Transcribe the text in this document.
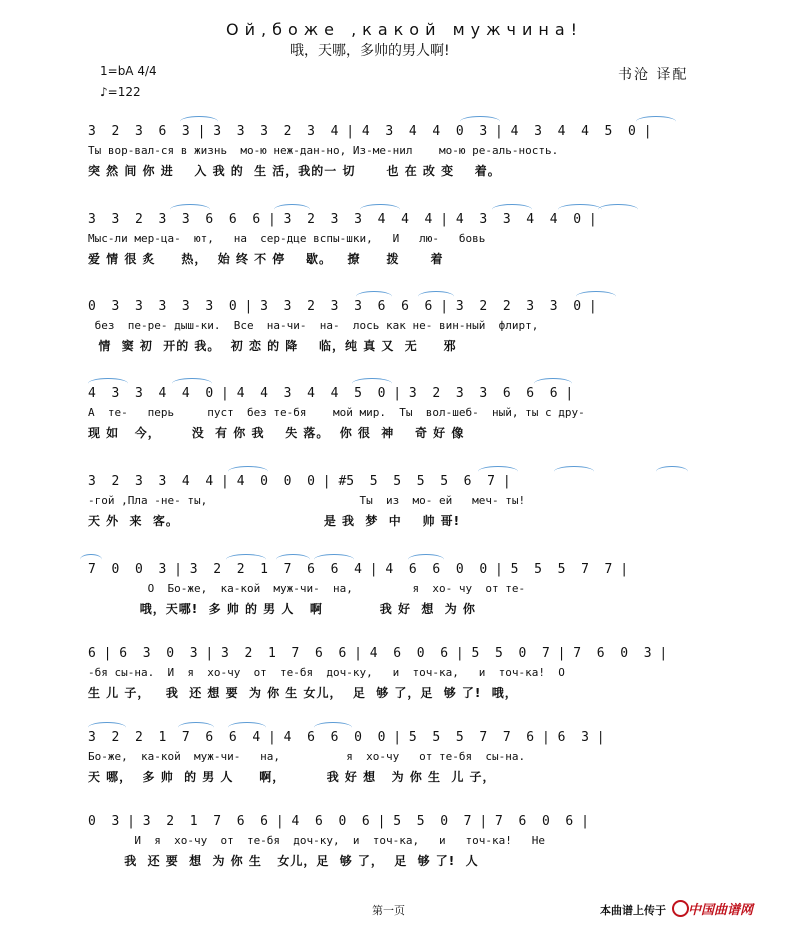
Ой,боже ,какой мужчина!
哦，天哪，多帅的男人啊!
1=bA 4/4
♪=122
书沧 译配
3  2  3  6  3 | 3  3  3  2  3  4 | 4  3  4  4  0  3 | 4  3  4  4  5  0 |
Ты вор-вал-ся в жизнь  мо-ю неж-дан-но, Из-ме-нил    мо-ю ре-аль-ность.
突 然 间 你 进    入 我 的  生 活，我的一 切      也 在 改 变    着。
3  3  2  3  3  6  6  6 | 3  2  3  3  4  4  4 | 4  3  3  4  4  0 |
Мыс-ли мер-ца-  ют,   на  сер-дце вспы-шки,   И   лю-   бовь
爱 情 很 炙     热，  始 终 不 停    歇。   撩     拨      着
0  3  3  3  3  3  0 | 3  3  2  3  3  6  6  6 | 3  2  2  3  3  0 |
без  пе-ре- дыш-ки.  Все  на-чи-  на-  лось как не- вин-ный  флирт,
情  窦 初  开的 我。  初 恋 的 降    临，纯 真 又  无     邪
4  3  3  4  4  0 | 4  4  3  4  4  5  0 | 3  2  3  3  6  6  6 |
А  те-   перь     пуст  без те-бя    мой мир.  Ты  вол-шеб-  ный, ты с дру-
现 如   今，      没  有 你 我    失 落。  你 很  神    奇 好 像
3  2  3  3  4  4 | 4  0  0  0 | #5  5  5  5  5  6  7 |
-гой ,Пла -не- ты,                       Ты  из  мо- ей   меч- ты!
天 外  来  客。                            是 我  梦  中    帅 哥!
7  0  0  3 | 3  2  2  1  7  6  6  4 | 4  6  6  0  0 | 5  5  5  7  7 |
О  Бо-же,  ка-кой  муж-чи-  на,         я  хо- чу  от те-
哦，天哪!  多 帅 的 男 人   啊           我 好  想  为 你
6 | 6  3  0  3 | 3  2  1  7  6  6 | 4  6  0  6 | 5  5  0  7 | 7  6  0  3 |
-бя сы-на.  И  я  хо-чу  от  те-бя  доч-ку,   и  точ-ка,   и  точ-ка!  О
生 儿 子，   我  还 想 要  为 你 生 女儿，  足  够 了，足  够 了!  哦，
3  2  2  1  7  6  6  4 | 4  6  6  0  0 | 5  5  5  7  7  6 | 6  3 |
Бо-же,  ка-кой  муж-чи-   на,          я  хо-чу   от те-бя  сы-на.
天 哪，  多 帅  的 男 人     啊，        我 好 想   为 你 生  儿 子，
0  3 | 3  2  1  7  6  6 | 4  6  0  6 | 5  5  0  7 | 7  6  0  6 |
И  я  хо-чу  от  те-бя  доч-ку,  и  точ-ка,   и   точ-ка!   Не
我  还 要  想  为 你 生   女儿，足  够 了，  足  够 了!  人
第一页	本曲谱上传于 中国曲谱网
